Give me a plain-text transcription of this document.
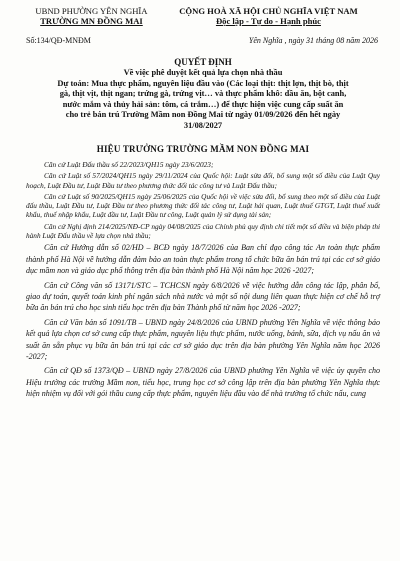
UBND PHƯỜNG YÊN NGHĨA
TRƯỜNG MN ĐỒNG MAI
CỘNG HOÀ XÃ HỘI CHỦ NGHĨA VIỆT NAM
Độc lập - Tự do - Hạnh phúc
Số:134/QĐ-MNĐM	Yên Nghĩa , ngày 31 tháng 08 năm 2026
QUYẾT ĐỊNH
Về việc phê duyệt kết quả lựa chọn nhà thầu
Dự toán: Mua thực phẩm, nguyên liệu đầu vào (Các loại thịt: thịt lợn, thịt bò, thịt
gà, thịt vịt, thịt ngan; trứng gà, trứng vịt… và thực phẩm khô: dầu ăn, bột canh,
nước mắm và thủy hải sản: tôm, cá trắm…) để thực hiện việc cung cấp suất ăn
cho trẻ bán trú Trường Mầm non Đồng Mai từ ngày 01/09/2026 đến hết ngày
31/08/2027
HIỆU TRƯỞNG TRƯỜNG MẦM NON ĐỒNG MAI

Căn cứ Luật Đấu thầu số 22/2023/QH15 ngày 23/6/2023;

Căn cứ Luật số 57/2024/QH15 ngày 29/11/2024 của Quốc hội: Luật sửa đổi, bổ sung một số điều của Luật Quy hoạch, Luật Đầu tư, Luật Đầu tư theo phương thức đối tác công tư và Luật Đấu thầu;

Căn cứ Luật số 90/2025/QH15 ngày 25/06/2025 của Quốc hội về việc sửa đổi, bổ sung theo một số điều của Luật đấu thầu, Luật Đầu tư, Luật Đầu tư theo phương thức đối tác công tư, Luật hải quan, Luật thuế GTGT, Luật thuế xuất khẩu, thuế nhập khẩu, Luật đầu tư, Luật Đầu tư công, Luật quản lý sử dụng tài sản;

Căn cứ Nghị định 214/2025/NĐ-CP ngày 04/08/2025 của Chính phủ quy định chi tiết một số điều và biện pháp thi hành Luật Đấu thầu về lựa chọn nhà thầu;

Căn cứ Hướng dẫn số 02/HD – BCĐ ngày 18/7/2026 của Ban chỉ đạo công tác An toàn thực phẩm thành phố Hà Nội về hướng dẫn đảm bảo an toàn thực phẩm trong tổ chức bữa ăn bán trú tại các cơ sở giáo dục mầm non và giáo dục phổ thông trên địa bàn thành phố Hà Nội năm học 2026 -2027;

Căn cứ Công văn số 13171/STC – TCHCSN ngày 6/8/2026 về việc hướng dẫn công tác lập, phân bổ, giao dự toán, quyết toán kinh phí ngân sách nhà nước và một số nội dung liên quan thực hiện cơ chế hỗ trợ bữa ăn bán trú cho học sinh tiểu học trên địa bàn Thành phố từ năm học 2026 -2027;

Căn cứ Văn bản số 1091/TB – UBND ngày 24/8/2026 của UBND phường Yên Nghĩa về việc thông báo kết quả lựa chọn cơ sở cung cấp thực phẩm, nguyên liệu thực phẩm, nước uống, bánh, sữa, dịch vụ nấu ăn và suất ăn sẵn phục vụ bữa ăn bán trú tại các cơ sở giáo dục trên địa bàn phường Yên Nghĩa năm học 2026 -2027;

Căn cứ QĐ số 1373/QĐ – UBND ngày 27/8/2026 của UBND phường Yên Nghĩa về việc ủy quyền cho Hiệu trưởng các trường Mầm non, tiểu học, trung học cơ sở công lập trên địa bàn phường Yên Nghĩa thực hiện nhiệm vụ đối với gói thầu cung cấp thực phẩm, nguyên liệu đầu vào để nhà trường tổ chức nấu, cung
